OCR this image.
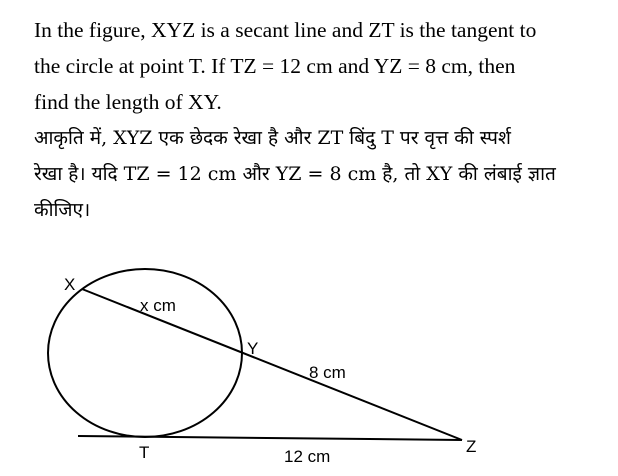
In the figure, XYZ is a secant line and ZT is the tangent to
the circle at point T. If TZ = 12 cm and YZ = 8 cm, then
find the length of XY.
आकृति में, XYZ एक छेदक रेखा है और ZT बिंदु T पर वृत्त की स्पर्श
रेखा है। यदि TZ = 12 cm और YZ = 8 cm है, तो XY की लंबाई ज्ञात
कीजिए।
X
Y
Z
T
x cm
8 cm
12 cm
